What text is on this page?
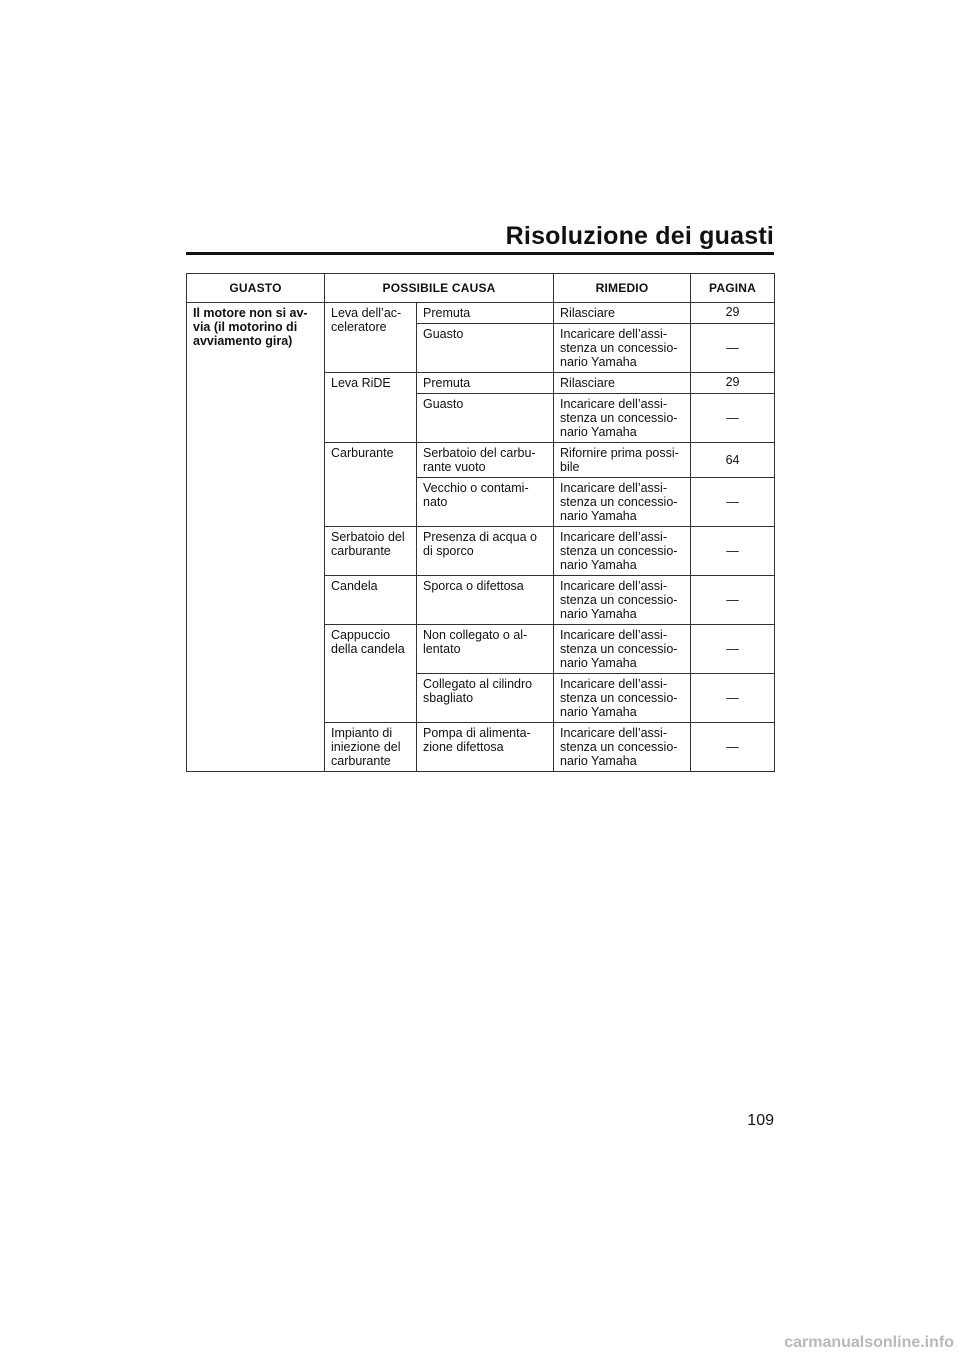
Risoluzione dei guasti
GUASTO	POSSIBILE CAUSA		RIMEDIO	PAGINA
Il motore non si av-
via (il motorino di
avviamento gira)	Leva dell’ac-
celeratore	Premuta	Rilasciare	29
		Guasto	Incaricare dell’assi-
stenza un concessio-
nario Yamaha	—
	Leva RiDE	Premuta	Rilasciare	29
		Guasto	Incaricare dell’assi-
stenza un concessio-
nario Yamaha	—
	Carburante	Serbatoio del carbu-
rante vuoto	Rifornire prima possi-
bile	64
		Vecchio o contami-
nato	Incaricare dell’assi-
stenza un concessio-
nario Yamaha	—
	Serbatoio del
carburante	Presenza di acqua o
di sporco	Incaricare dell’assi-
stenza un concessio-
nario Yamaha	—
	Candela	Sporca o difettosa	Incaricare dell’assi-
stenza un concessio-
nario Yamaha	—
	Cappuccio
della candela	Non collegato o al-
lentato	Incaricare dell’assi-
stenza un concessio-
nario Yamaha	—
		Collegato al cilindro
sbagliato	Incaricare dell’assi-
stenza un concessio-
nario Yamaha	—
	Impianto di
iniezione del
carburante	Pompa di alimenta-
zione difettosa	Incaricare dell’assi-
stenza un concessio-
nario Yamaha	—
109
carmanualsonline.info
